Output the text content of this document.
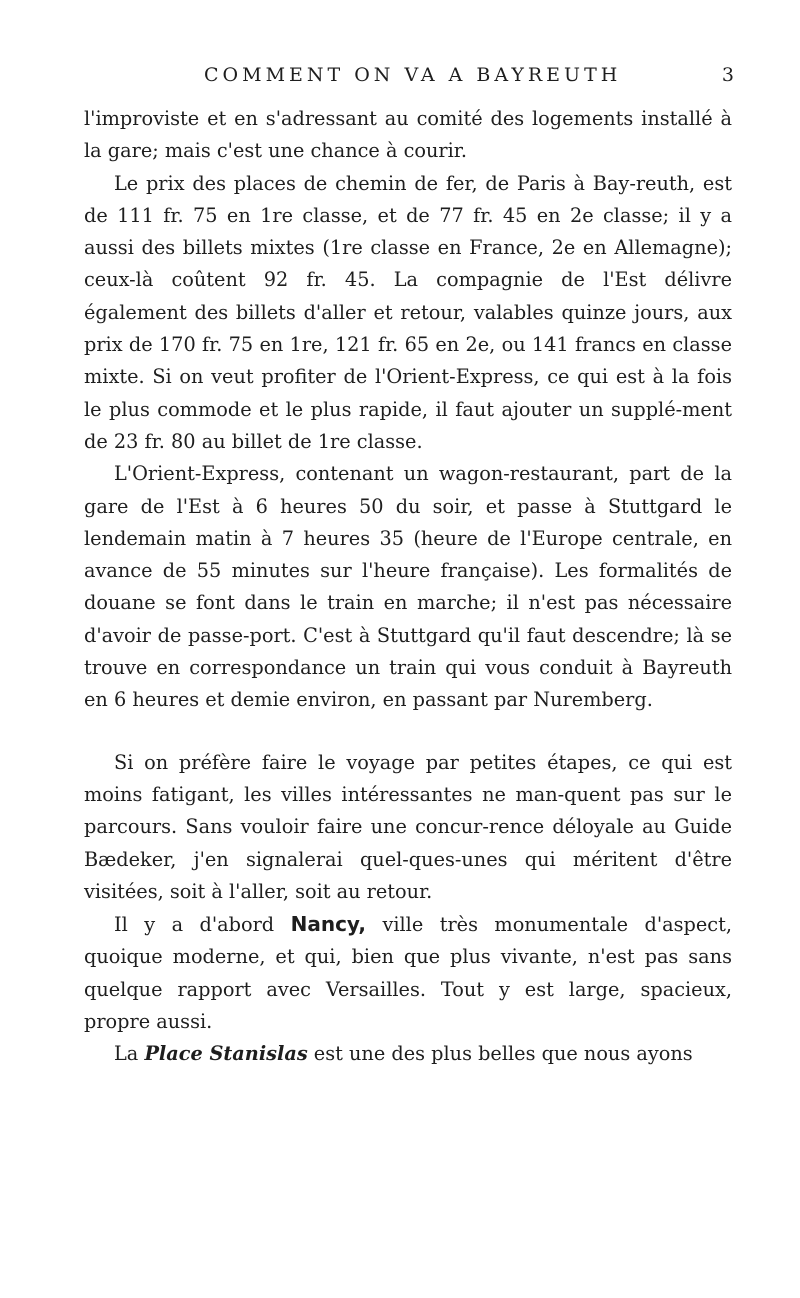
COMMENT ON VA A BAYREUTH	3

l'improviste et en s'adressant au comité des logements installé à la gare; mais c'est une chance à courir.

Le prix des places de chemin de fer, de Paris à Bay-reuth, est de 111 fr. 75 en 1re classe, et de 77 fr. 45 en 2e classe; il y a aussi des billets mixtes (1re classe en France, 2e en Allemagne); ceux-là coûtent 92 fr. 45. La compagnie de l'Est délivre également des billets d'aller et retour, valables quinze jours, aux prix de 170 fr. 75 en 1re, 121 fr. 65 en 2e, ou 141 francs en classe mixte. Si on veut profiter de l'Orient-Express, ce qui est à la fois le plus commode et le plus rapide, il faut ajouter un supplé-ment de 23 fr. 80 au billet de 1re classe.

L'Orient-Express, contenant un wagon-restaurant, part de la gare de l'Est à 6 heures 50 du soir, et passe à Stuttgard le lendemain matin à 7 heures 35 (heure de l'Europe centrale, en avance de 55 minutes sur l'heure française). Les formalités de douane se font dans le train en marche; il n'est pas nécessaire d'avoir de passe-port. C'est à Stuttgard qu'il faut descendre; là se trouve en correspondance un train qui vous conduit à Bayreuth en 6 heures et demie environ, en passant par Nuremberg.

Si on préfère faire le voyage par petites étapes, ce qui est moins fatigant, les villes intéressantes ne man-quent pas sur le parcours. Sans vouloir faire une concur-rence déloyale au Guide Bædeker, j'en signalerai quel-ques-unes qui méritent d'être visitées, soit à l'aller, soit au retour.

Il y a d'abord Nancy, ville très monumentale d'aspect, quoique moderne, et qui, bien que plus vivante, n'est pas sans quelque rapport avec Versailles. Tout y est large, spacieux, propre aussi.

La Place Stanislas est une des plus belles que nous ayons
